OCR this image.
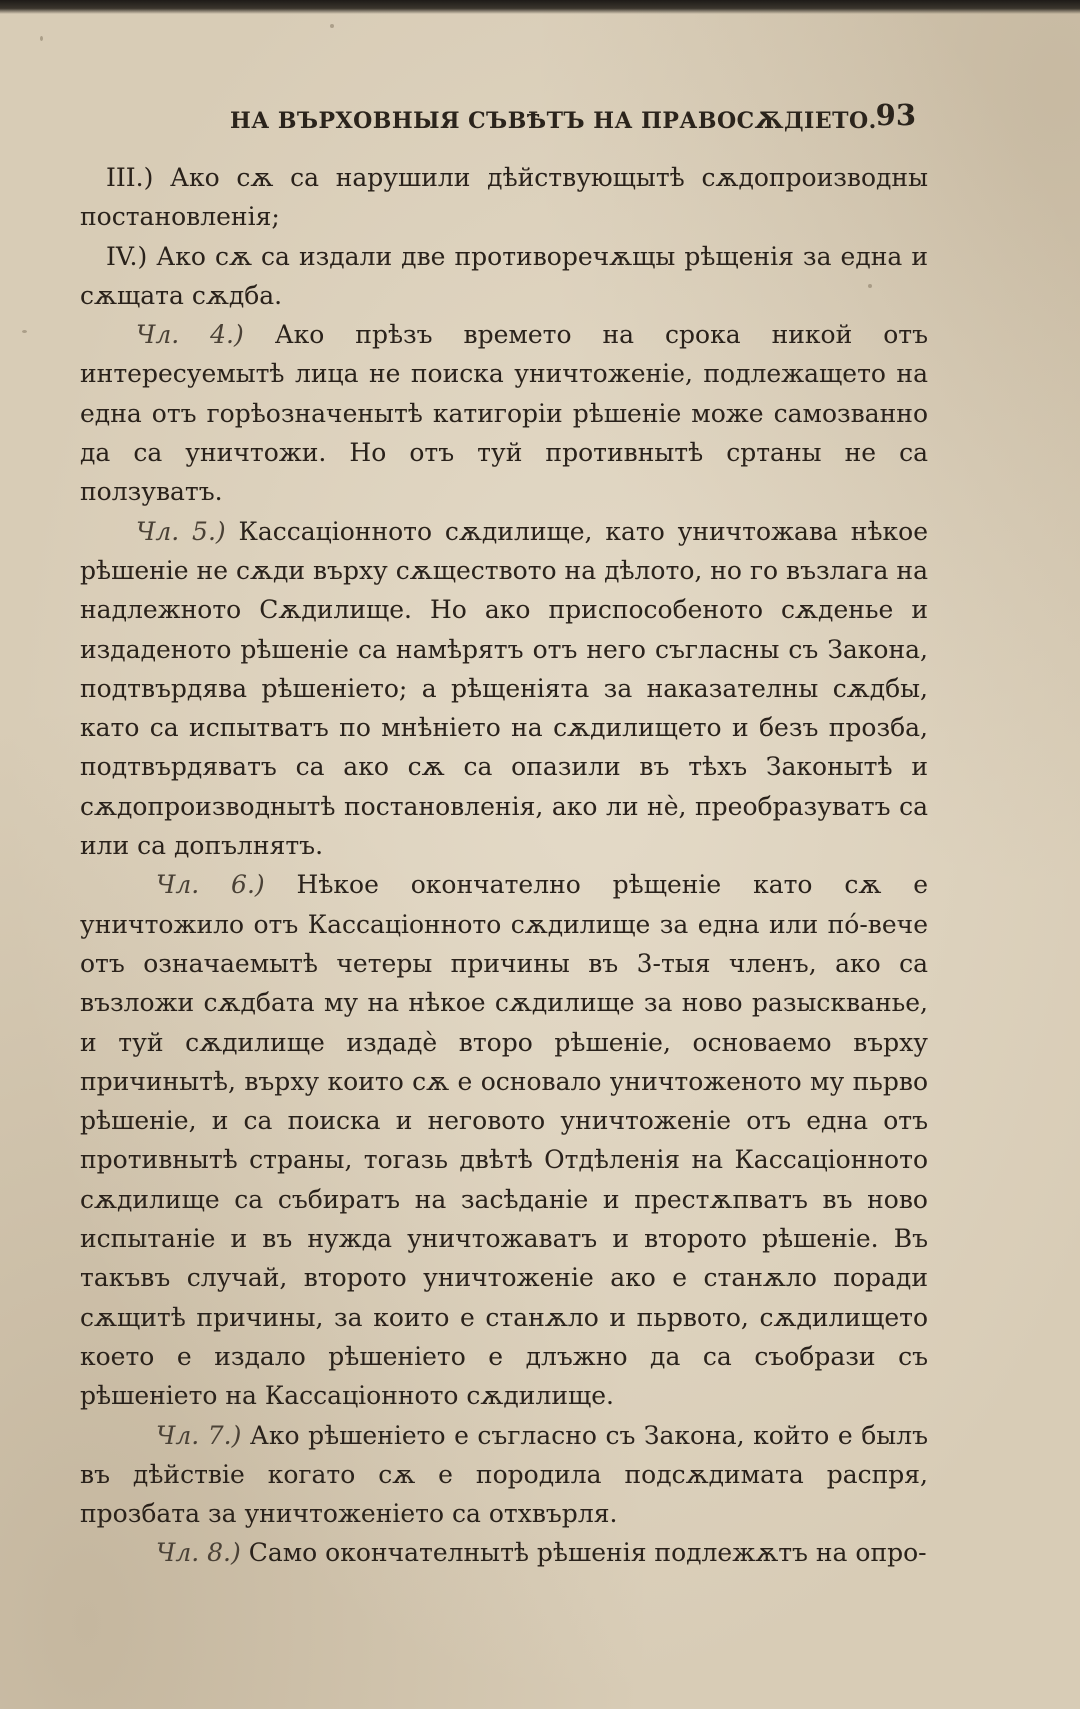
НА ВЪРХОВНЫЯ СЪВѢТЪ НА ПРАВОСѪДІЕТО.
93

III.) Ако сѫ са нарушили дѣйствующытѣ сѫдопроизводны постановленія;

IV.) Ако сѫ са издали две противоречѫщы рѣщенія за една и сѫщата сѫдба.

Чл. 4.) Ако прѣзъ времето на срока никой отъ интересуемытѣ лица не поиска уничтоженіе, подлежащето на една отъ горѣозначенытѣ катигоріи рѣшеніе може самозванно да са уничтожи. Но отъ туй противнытѣ сртаны не са ползуватъ.

Чл. 5.) Кассаціонното сѫдилище, като уничтожава нѣкое рѣшеніе не сѫди върху сѫществото на дѣлото, но го възлага на надлежното Сѫдилище. Но ако приспособеното сѫденье и издаденото рѣшеніе са намѣрятъ отъ него съгласны съ Закона, подтвърдява рѣшеніето; а рѣщеніята за наказателны сѫдбы, като са испытватъ по мнѣніето на сѫдилището и безъ прозба, подтвърдяватъ са ако сѫ са опазили въ тѣхъ Законытѣ и сѫдопроизводнытѣ постановленія, ако ли нѐ, преобразуватъ са или са допълнятъ.

Чл. 6.) Нѣкое окончателно рѣщеніе като сѫ е уничтожило отъ Кассаціонното сѫдилище за една или по́-вече отъ означаемытѣ четеры причины въ 3-тыя членъ, ако са възложи сѫдбата му на нѣкое сѫдилище за ново разыскванье, и туй сѫдилище издадѐ второ рѣшеніе, основаемо върху причинытѣ, върху които сѫ е основало уничтоженото му пьрво рѣшеніе, и са поиска и неговото уничтоженіе отъ една отъ противнытѣ страны, тогазь двѣтѣ Отдѣленія на Кассаціонното сѫдилище са събиратъ на засѣданіе и престѫпватъ въ ново испытаніе и въ нужда уничтожаватъ и второто рѣшеніе. Въ такъвъ случай, второто уничтоженіе ако е станѫло поради сѫщитѣ причины, за които е станѫло и пьрвото, сѫдилището което е издало рѣшеніето е длъжно да са съобрази съ рѣшеніето на Кассаціонното сѫдилище.

Чл. 7.) Ако рѣшеніето е съгласно съ Закона, който е былъ въ дѣйствіе когато сѫ е породила подсѫдимата распря, прозбата за уничтоженіето са отхвърля.

Чл. 8.) Само окончателнытѣ рѣшенія подлежѫтъ на опро-
